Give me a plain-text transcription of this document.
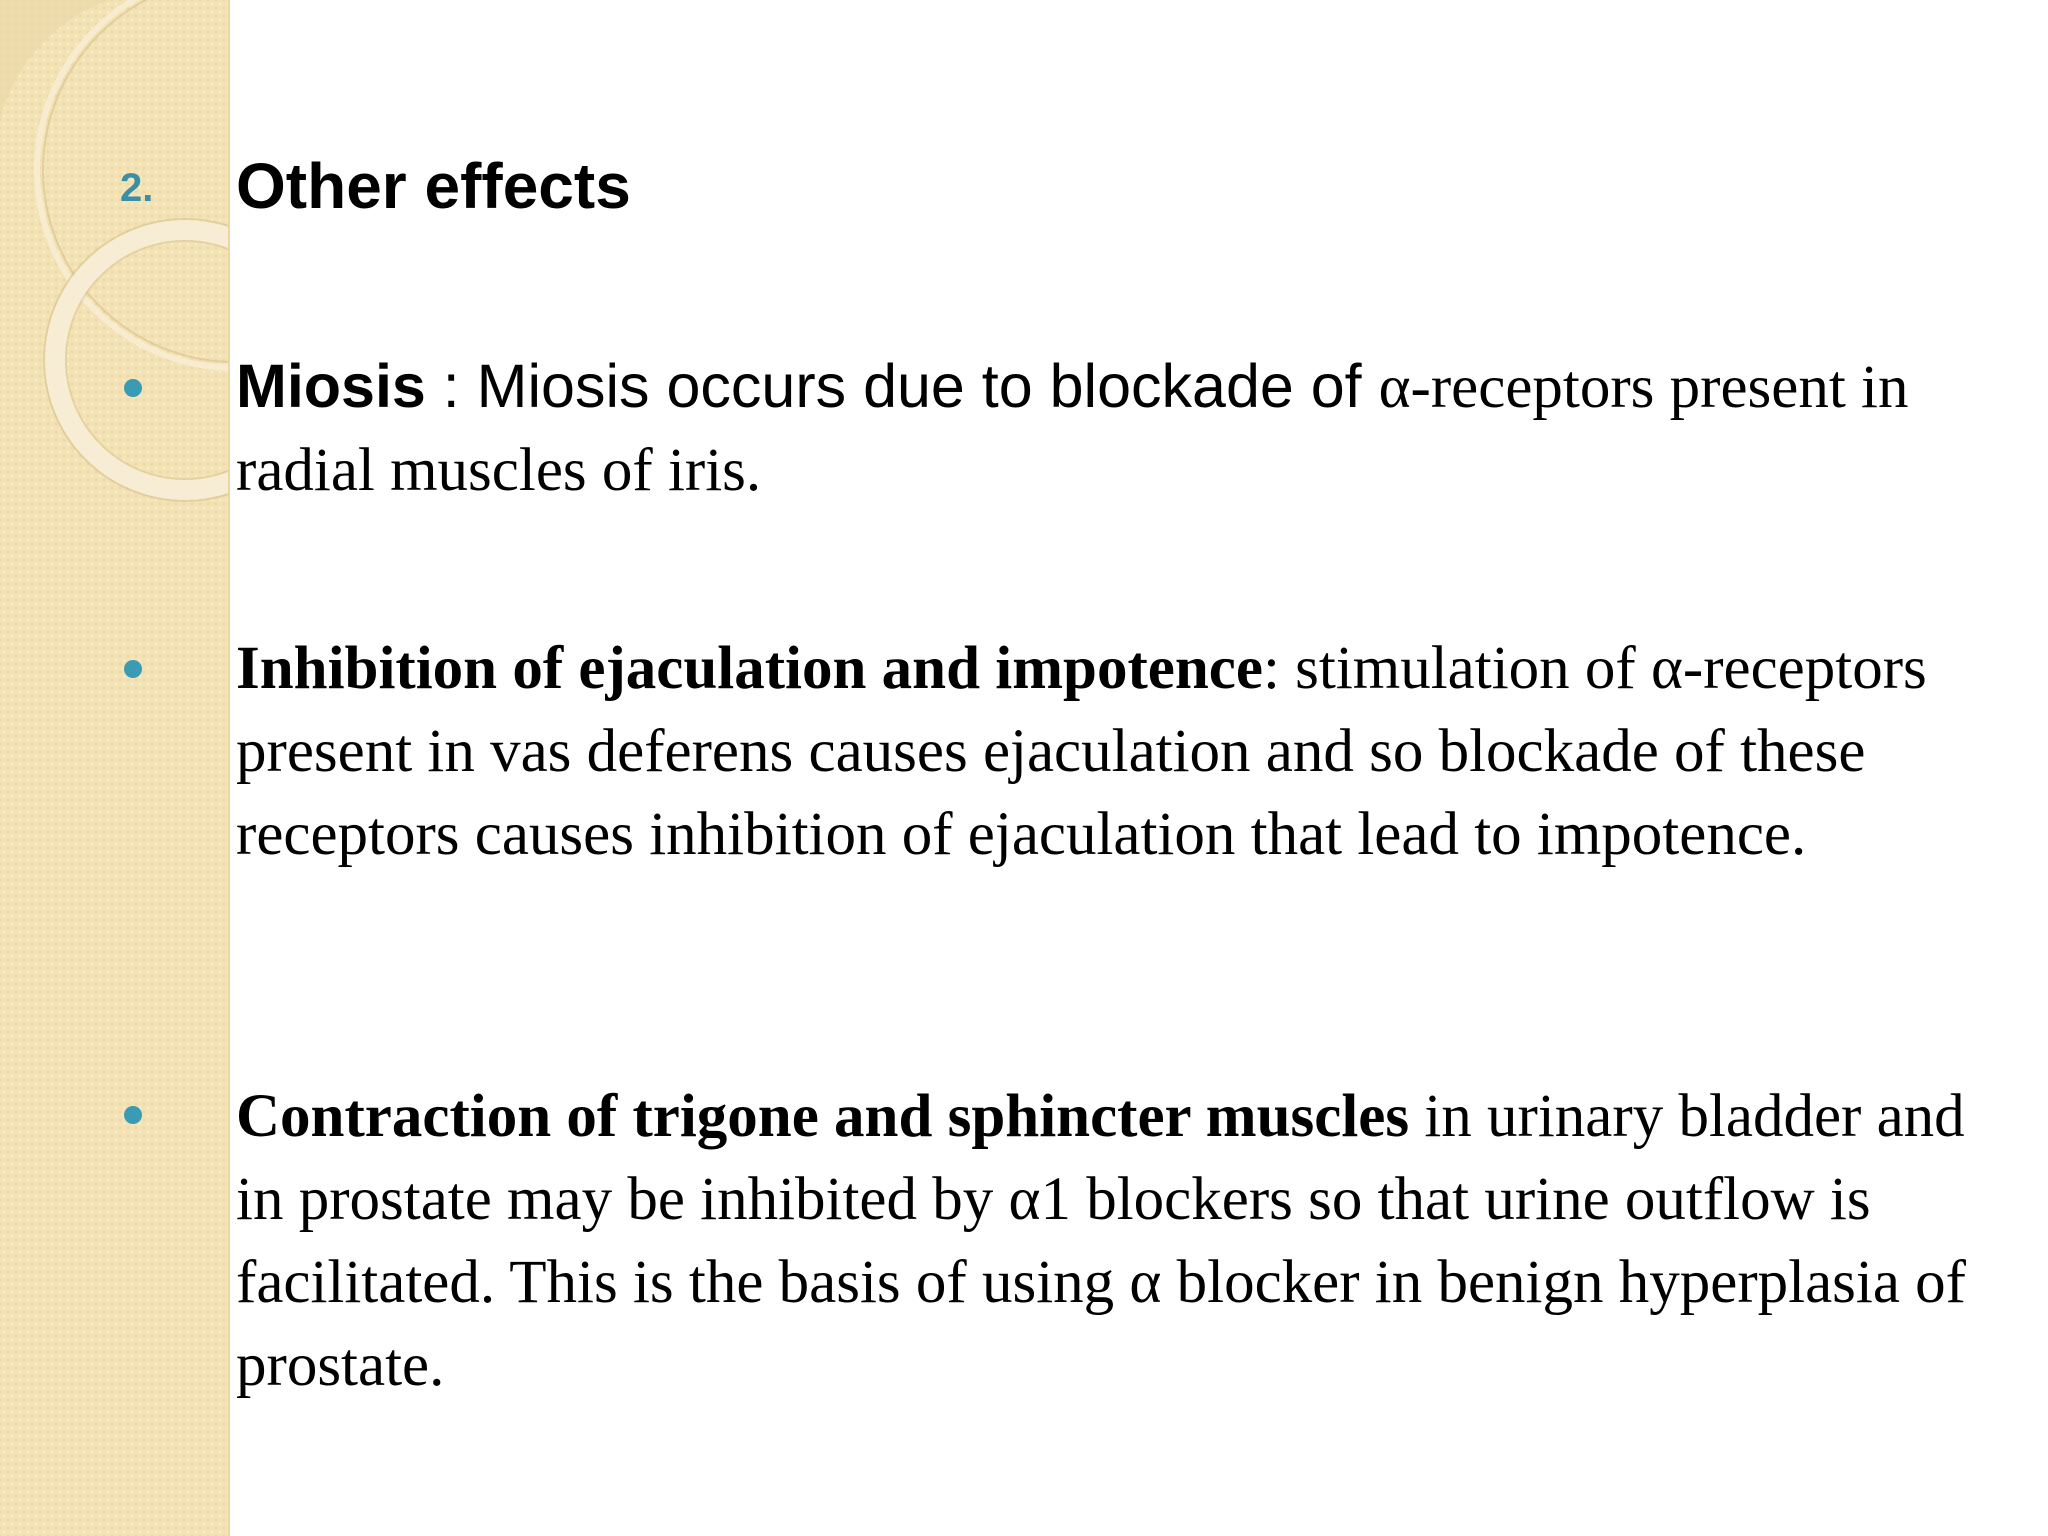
2. Other effects
Miosis : Miosis occurs due to blockade of α-receptors present in radial muscles of iris.
Inhibition of ejaculation and impotence: stimulation of α-receptors present in vas deferens causes ejaculation and so blockade of these receptors causes inhibition of ejaculation that lead to impotence.
Contraction of trigone and sphincter muscles in urinary bladder and in prostate may be inhibited by α1 blockers so that urine outflow is facilitated. This is the basis of using α blocker in benign hyperplasia of prostate.
